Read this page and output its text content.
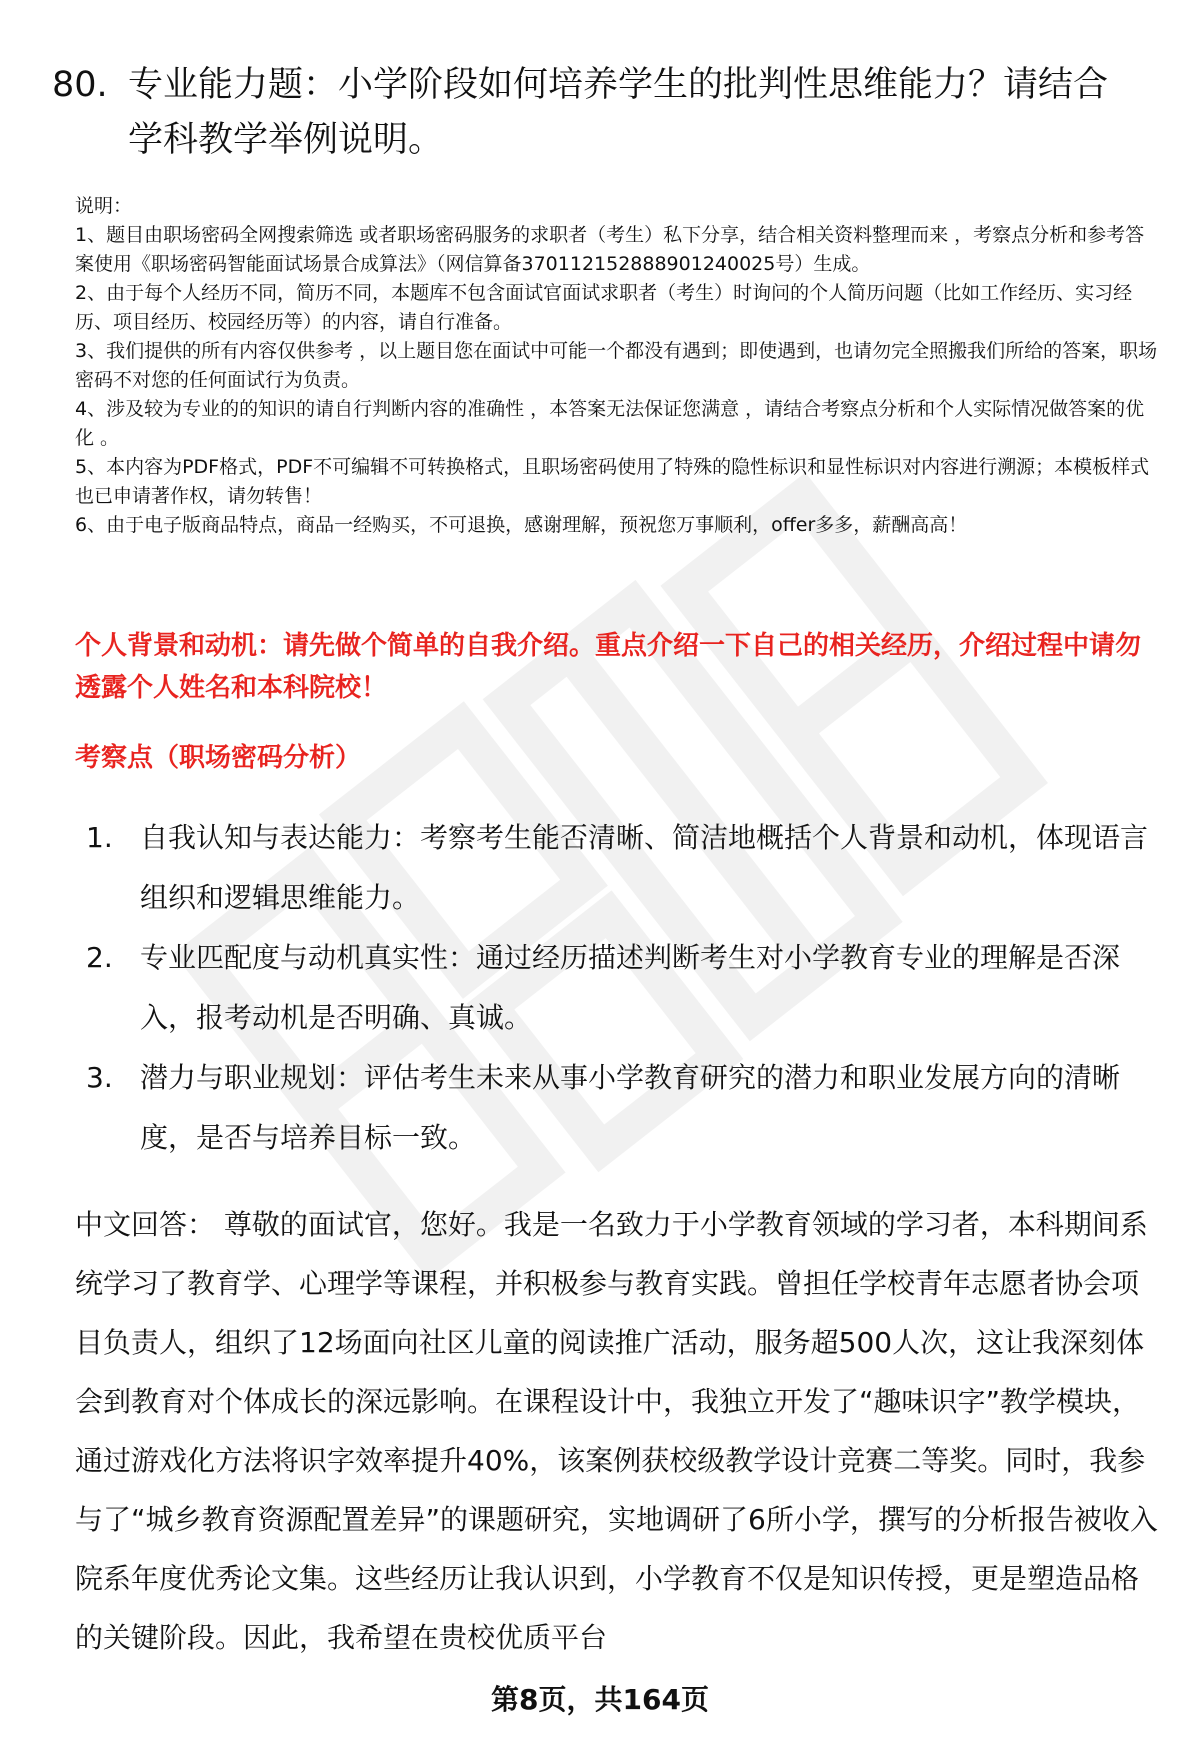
80. 专业能力题：小学阶段如何培养学生的批判性思维能力？请结合学科教学举例说明。

说明：

1、题目由职场密码全网搜索筛选 或者职场密码服务的求职者（考生）私下分享，结合相关资料整理而来 ，考察点分析和参考答案使用《职场密码智能面试场景合成算法》（网信算备370112152888901240025号）生成。

2、由于每个人经历不同，简历不同，本题库不包含面试官面试求职者（考生）时询问的个人简历问题（比如工作经历、实习经历、项目经历、校园经历等）的内容，请自行准备。

3、我们提供的所有内容仅供参考 ，以上题目您在面试中可能一个都没有遇到；即使遇到，也请勿完全照搬我们所给的答案，职场密码不对您的任何面试行为负责。

4、涉及较为专业的的知识的请自行判断内容的准确性 ，本答案无法保证您满意 ，请结合考察点分析和个人实际情况做答案的优化 。

5、本内容为PDF格式，PDF不可编辑不可转换格式，且职场密码使用了特殊的隐性标识和显性标识对内容进行溯源；本模板样式也已申请著作权，请勿转售！

6、由于电子版商品特点，商品一经购买，不可退换，感谢理解，预祝您万事顺利，offer多多，薪酬高高！

个人背景和动机：请先做个简单的自我介绍。重点介绍一下自己的相关经历，介绍过程中请勿透露个人姓名和本科院校！
考察点（职场密码分析）
1. 自我认知与表达能力：考察考生能否清晰、简洁地概括个人背景和动机，体现语言组织和逻辑思维能力。
2. 专业匹配度与动机真实性：通过经历描述判断考生对小学教育专业的理解是否深入，报考动机是否明确、真诚。
3. 潜力与职业规划：评估考生未来从事小学教育研究的潜力和职业发展方向的清晰度，是否与培养目标一致。

中文回答： 尊敬的面试官，您好。我是一名致力于小学教育领域的学习者，本科期间系统学习了教育学、心理学等课程，并积极参与教育实践。曾担任学校青年志愿者协会项目负责人，组织了12场面向社区儿童的阅读推广活动，服务超500人次，这让我深刻体会到教育对个体成长的深远影响。在课程设计中，我独立开发了“趣味识字”教学模块，通过游戏化方法将识字效率提升40%，该案例获校级教学设计竞赛二等奖。同时，我参与了“城乡教育资源配置差异”的课题研究，实地调研了6所小学，撰写的分析报告被收入院系年度优秀论文集。这些经历让我认识到，小学教育不仅是知识传授，更是塑造品格的关键阶段。因此，我希望在贵校优质平台

第8页，共164页
